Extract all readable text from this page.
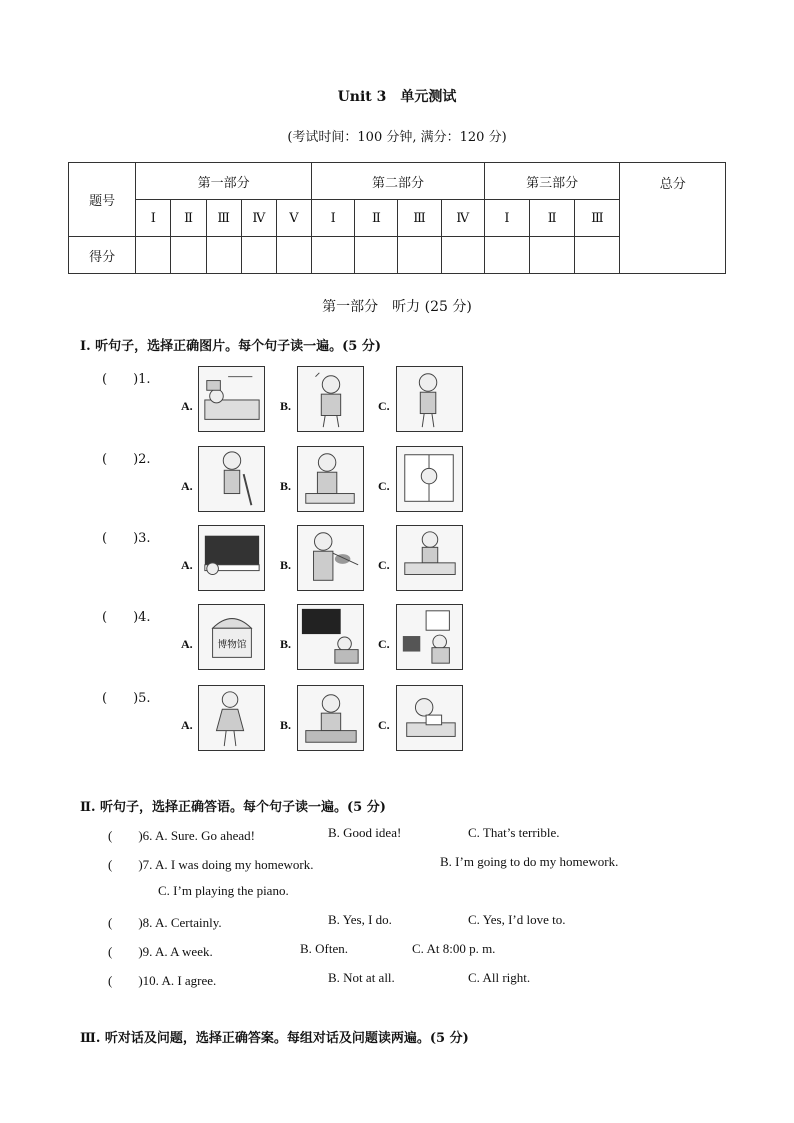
Unit 3　单元测试
(考试时间：100 分钟, 满分：120 分)
题号	第一部分					第二部分				第三部分			总分
	Ⅰ	Ⅱ	Ⅲ	Ⅳ	Ⅴ	Ⅰ	Ⅱ	Ⅲ	Ⅳ	Ⅰ	Ⅱ	Ⅲ	
得分													
第一部分　听力 (25 分)
Ⅰ. 听句子，选择正确图片。每个句子读一遍。(5 分)
(　　)1.
A.	B.	C.
(　　)2.
A.	B.	C.
(　　)3.
A.	B.	C.
(　　)4.
A. 博物馆	B.	C.
(　　)5.
A.	B.	C.
Ⅱ. 听句子，选择正确答语。每个句子读一遍。(5 分)
(　　)6. A. Sure. Go ahead!	B. Good idea!	C. That’s terrible.
(　　)7. A. I was doing my homework.	B. I’m going to do my homework.
C. I’m playing the piano.
(　　)8. A. Certainly.	B. Yes, I do.	C. Yes, I’d love to.
(　　)9. A. A week.	B. Often.	C. At 8:00 p. m.
(　　)10. A. I agree.	B. Not at all.	C. All right.
Ⅲ. 听对话及问题，选择正确答案。每组对话及问题读两遍。(5 分)
